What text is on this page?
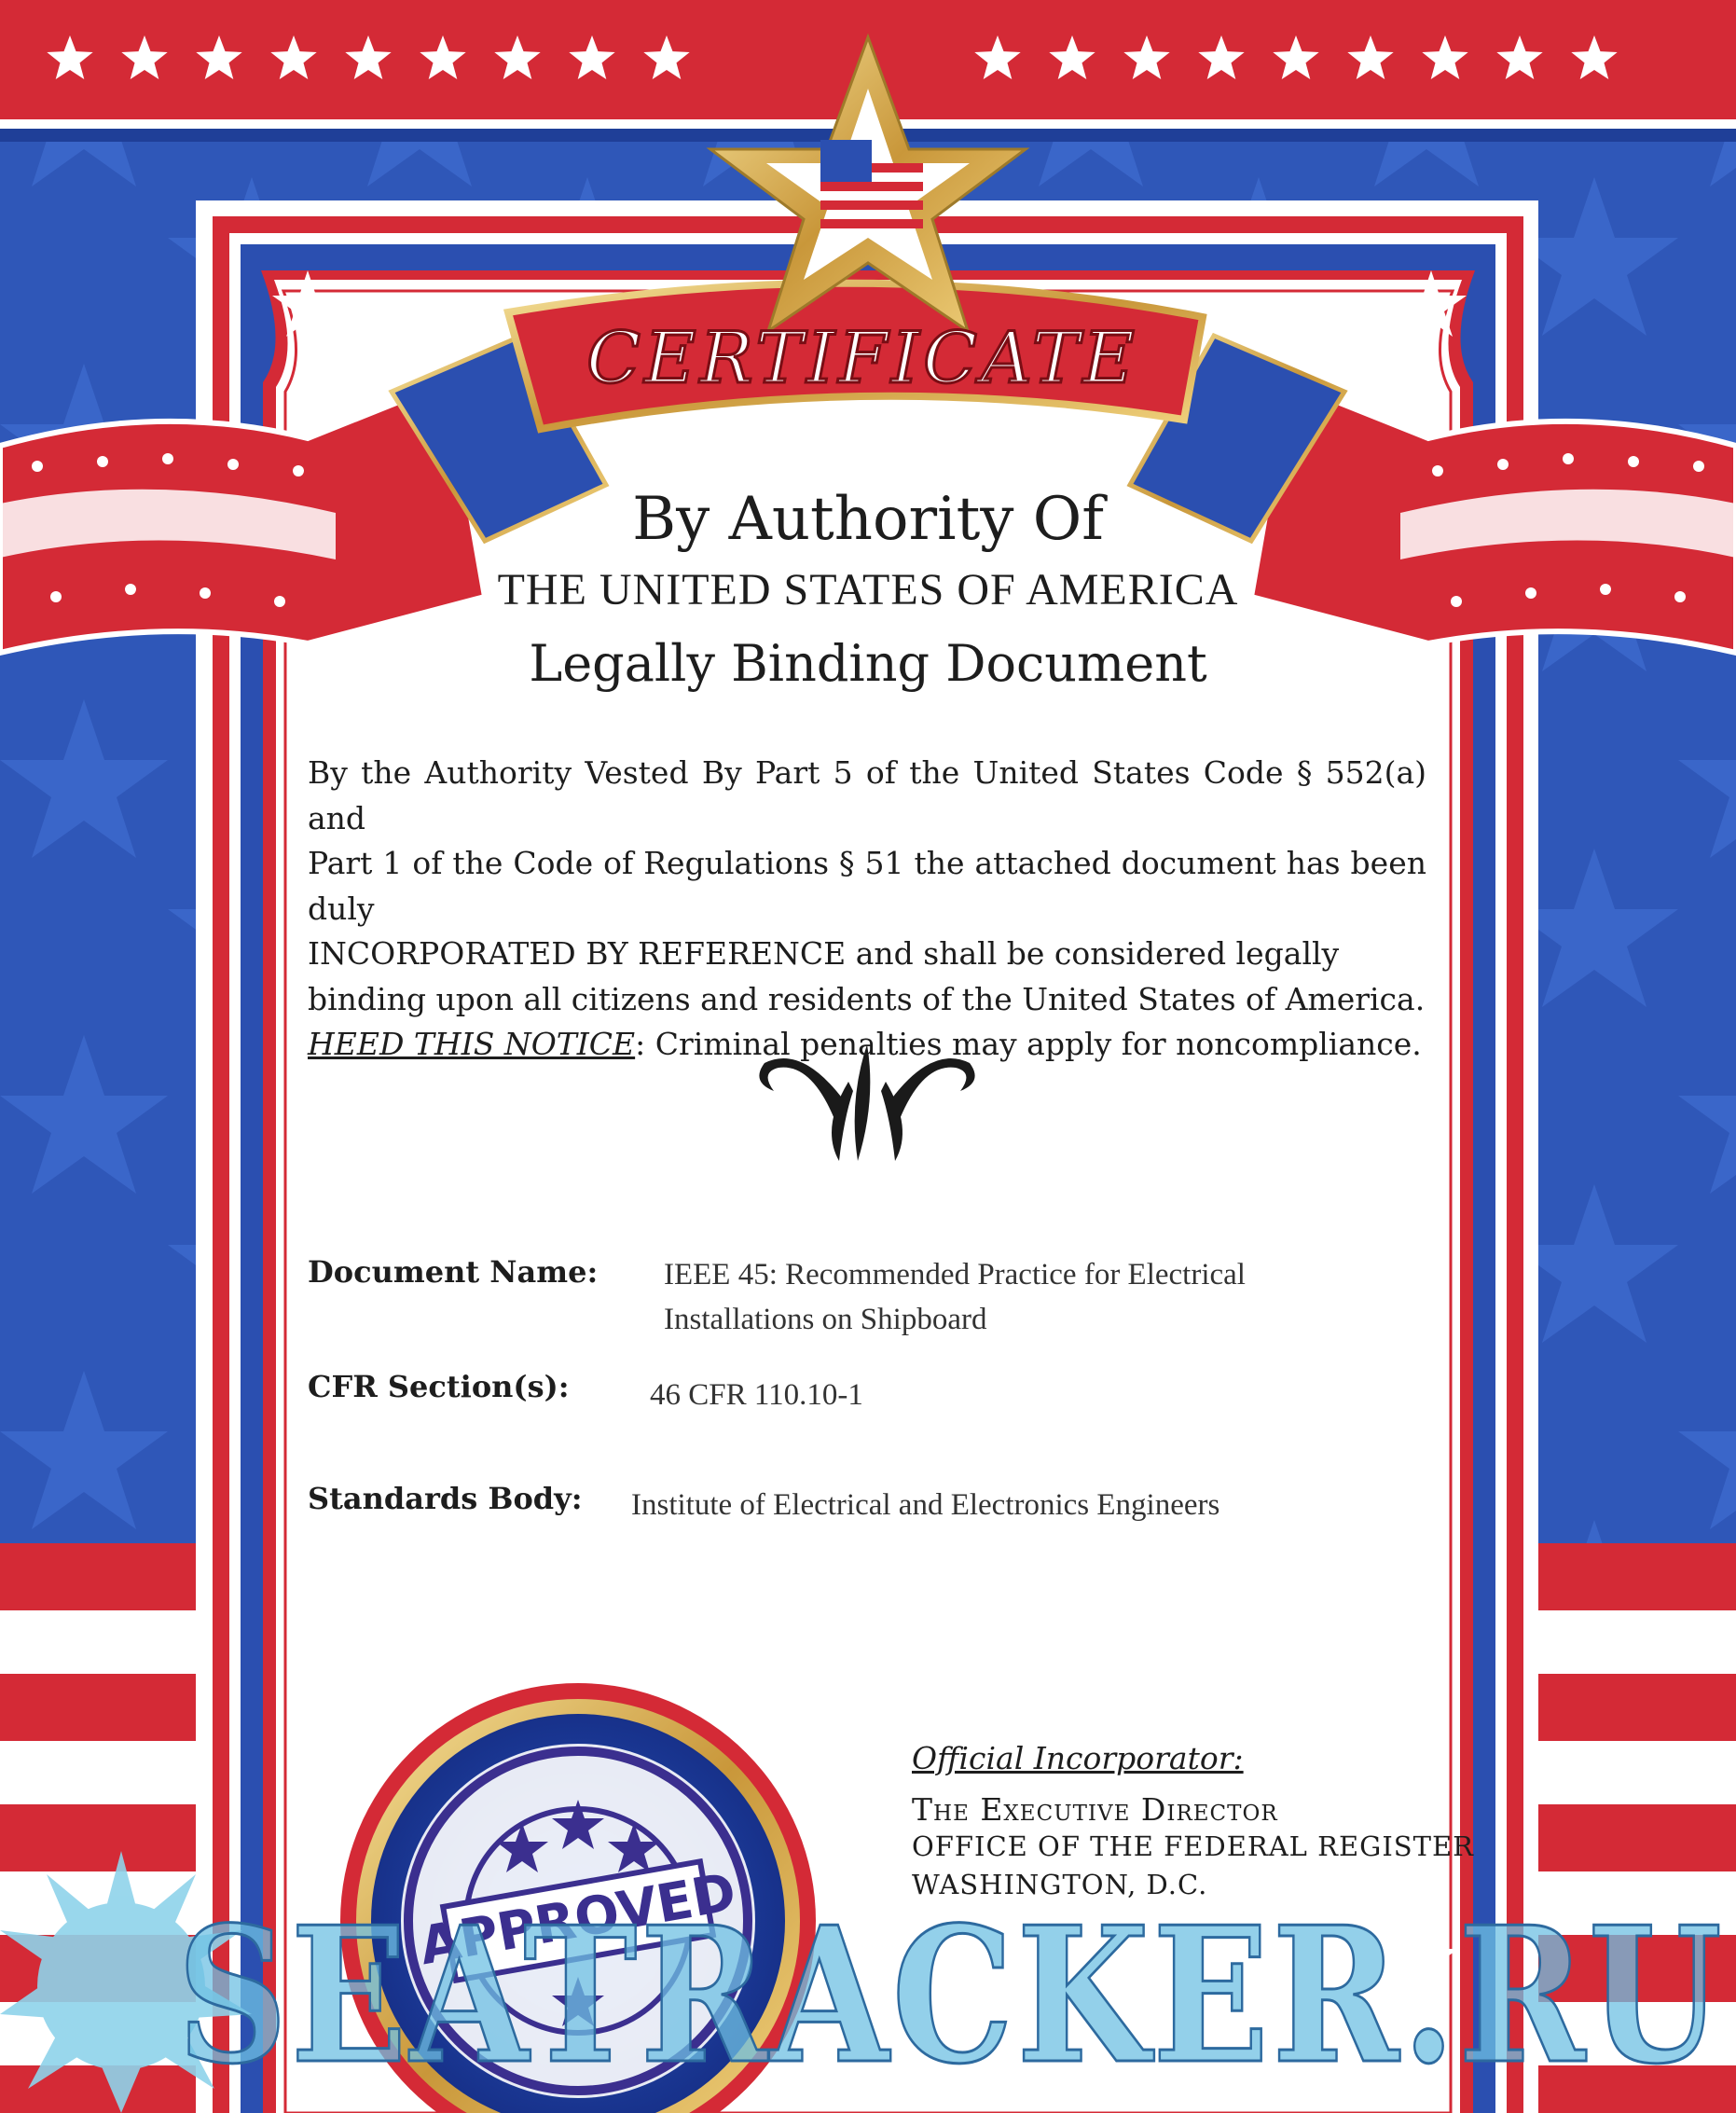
CERTIFICATE
By Authority Of
THE UNITED STATES OF AMERICA
Legally Binding Document
By the Authority Vested By Part 5 of the United States Code § 552(a) and
Part 1 of the Code of Regulations § 51 the attached document has been duly
INCORPORATED BY REFERENCE and shall be considered legally
binding upon all citizens and residents of the United States of America.
HEED THIS NOTICE: Criminal penalties may apply for noncompliance.
Document Name: IEEE 45: Recommended Practice for Electrical
Installations on Shipboard
CFR Section(s):	46 CFR 110.10-1
Standards Body: Institute of Electrical and Electronics Engineers
Official Incorporator:
The Executive Director
OFFICE OF THE FEDERAL REGISTER
WASHINGTON, D.C.
APPROVED
SEATRACKER.RU
